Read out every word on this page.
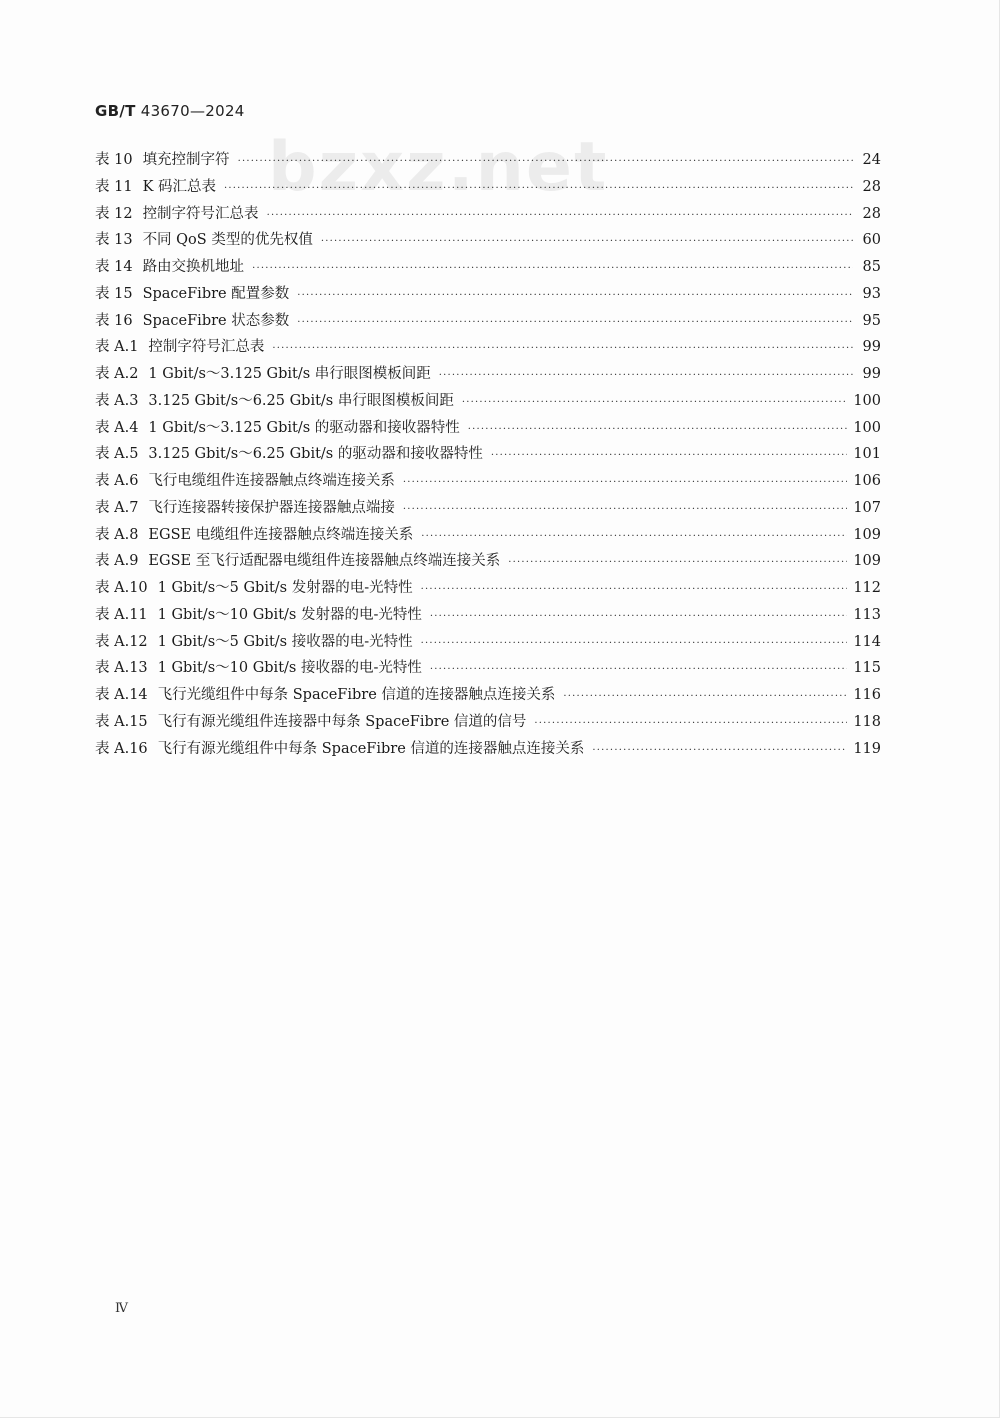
GB/T 43670—2024
bzxz.net
表 10 填充控制字符 ·····	24
表 11 K 码汇总表 ·····	28
表 12 控制字符号汇总表 ·····	28
表 13 不同 QoS 类型的优先权值 ·····	60
表 14 路由交换机地址 ·····	85
表 15 SpaceFibre 配置参数 ·····	93
表 16 SpaceFibre 状态参数 ·····	95
表 A.1 控制字符号汇总表 ·····	99
表 A.2 1 Gbit/s～3.125 Gbit/s 串行眼图模板间距 ·····	99
表 A.3 3.125 Gbit/s～6.25 Gbit/s 串行眼图模板间距 ·····	100
表 A.4 1 Gbit/s～3.125 Gbit/s 的驱动器和接收器特性 ·····	100
表 A.5 3.125 Gbit/s～6.25 Gbit/s 的驱动器和接收器特性 ·····	101
表 A.6 飞行电缆组件连接器触点终端连接关系 ·····	106
表 A.7 飞行连接器转接保护器连接器触点端接 ·····	107
表 A.8 EGSE 电缆组件连接器触点终端连接关系 ·····	109
表 A.9 EGSE 至飞行适配器电缆组件连接器触点终端连接关系 ·····	109
表 A.10 1 Gbit/s～5 Gbit/s 发射器的电-光特性 ·····	112
表 A.11 1 Gbit/s～10 Gbit/s 发射器的电-光特性 ·····	113
表 A.12 1 Gbit/s～5 Gbit/s 接收器的电-光特性 ·····	114
表 A.13 1 Gbit/s～10 Gbit/s 接收器的电-光特性 ·····	115
表 A.14 飞行光缆组件中每条 SpaceFibre 信道的连接器触点连接关系 ·····	116
表 A.15 飞行有源光缆组件连接器中每条 SpaceFibre 信道的信号 ·····	118
表 A.16 飞行有源光缆组件中每条 SpaceFibre 信道的连接器触点连接关系 ·····	119
Ⅳ
